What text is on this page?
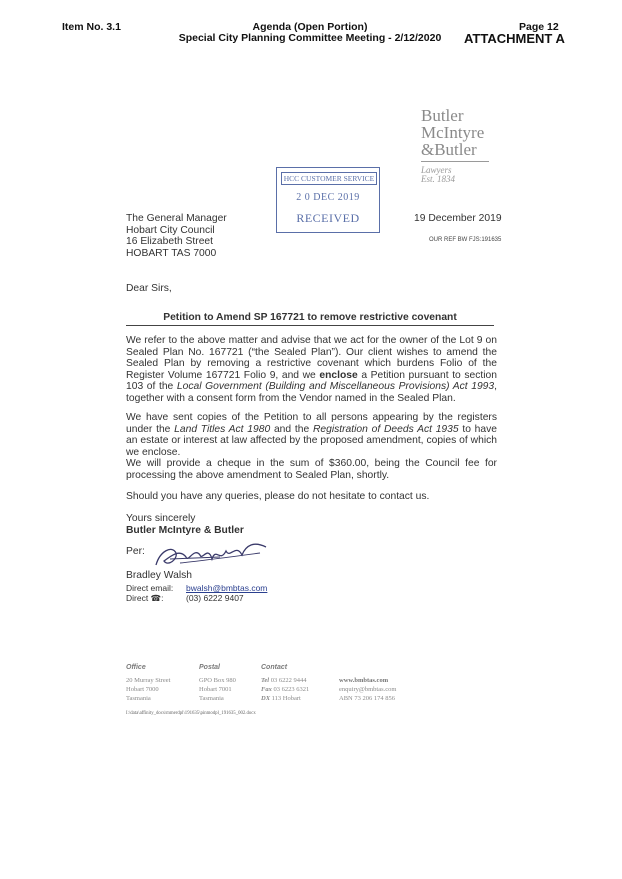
Item No. 3.1	Agenda (Open Portion)
Special City Planning Committee Meeting - 2/12/2020
Page 12
ATTACHMENT A
Butler
McIntyre
&Butler
Lawyers
Est. 1834
HCC CUSTOMER SERVICE
2 0 DEC 2019
RECEIVED
The General Manager
Hobart City Council
16 Elizabeth Street
HOBART TAS 7000
19 December 2019
OUR REF BW FJS:191635
Dear Sirs,
Petition to Amend SP 167721 to remove restrictive covenant
We refer to the above matter and advise that we act for the owner of the Lot 9 on Sealed Plan No. 167721 (“the Sealed Plan”). Our client wishes to amend the Sealed Plan by removing a restrictive covenant which burdens Folio of the Register Volume 167721 Folio 9, and we enclose a Petition pursuant to section 103 of the Local Government (Building and Miscellaneous Provisions) Act 1993, together with a consent form from the Vendor named in the Sealed Plan.
We have sent copies of the Petition to all persons appearing by the registers under the Land Titles Act 1980 and the Registration of Deeds Act 1935 to have an estate or interest at law affected by the proposed amendment, copies of which we enclose.
We will provide a cheque in the sum of $360.00, being the Council fee for processing the above amendment to Sealed Plan, shortly.
Should you have any queries, please do not hesitate to contact us.
Yours sincerely
Butler McIntyre & Butler
Per:
Bradley Walsh
Direct email: bwalsh@bmbtas.com
Direct ☎:	(03) 6222 9407
Office
20 Murray Street
Hobart 7000
Tasmania
Postal
GPO Box 980
Hobart 7001
Tasmania
Contact
Tel 03 6222 9444
Fax 03 6223 6321
DX 113 Hobart
www.bmbtas.com
enquiry@bmbtas.com
ABN 73 206 174 856
I:\data\affinity_docs\mmerdpl\191635\pinmodpl_191635_002.docx
